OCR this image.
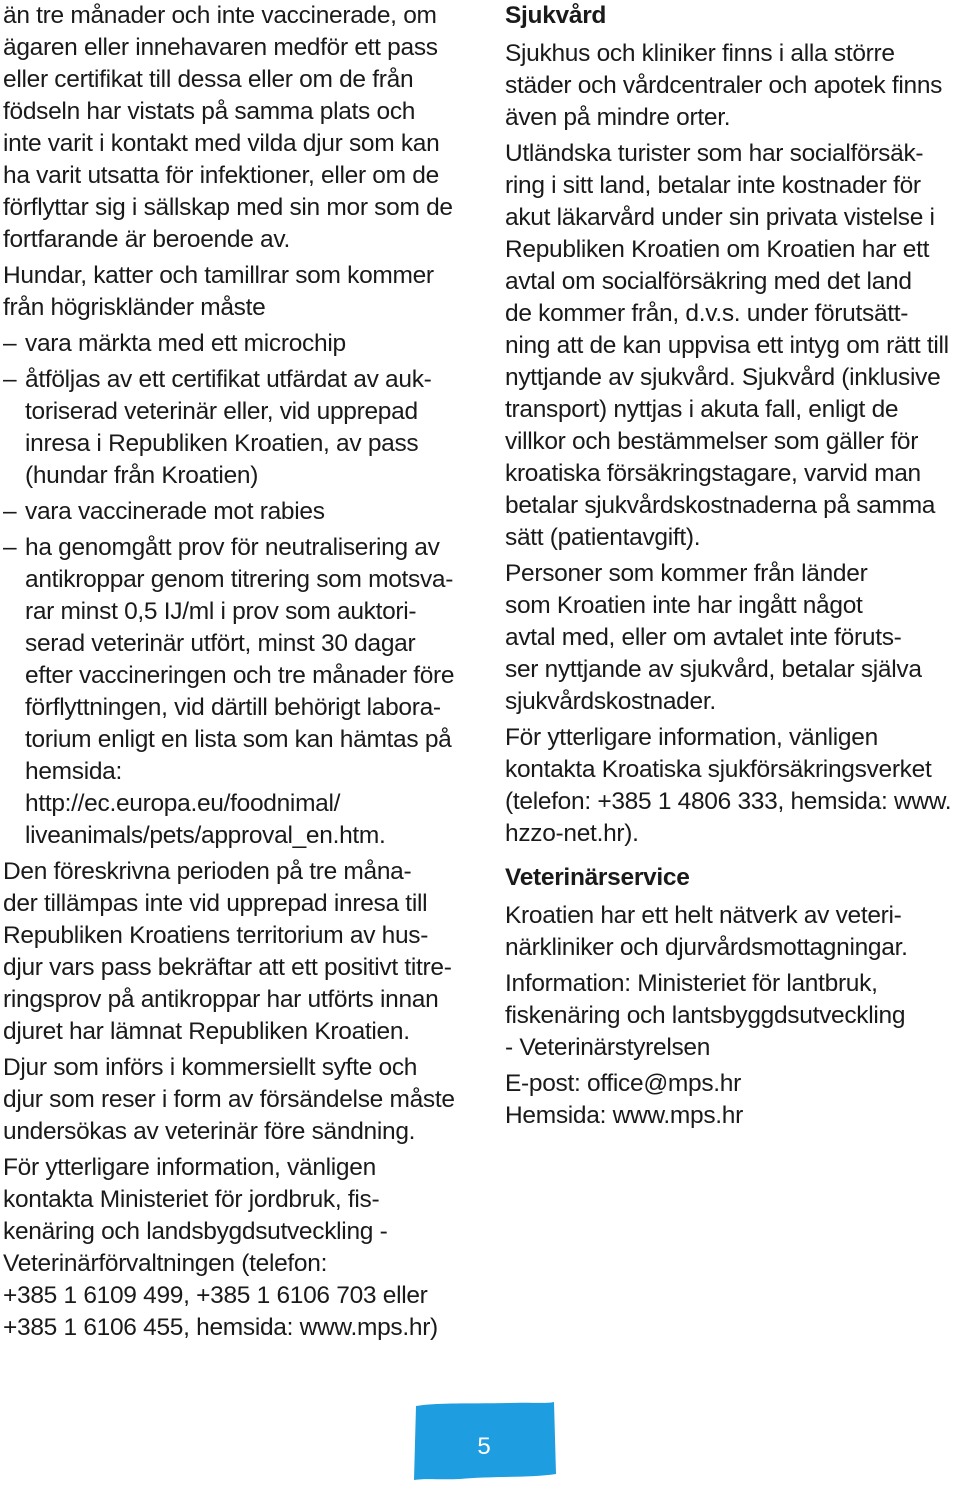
än tre månader och inte vaccinerade, om
ägaren eller innehavaren medför ett pass
eller certifikat till dessa eller om de från
födseln har vistats på samma plats och
inte varit i kontakt med vilda djur som kan
ha varit utsatta för infektioner, eller om de
förflyttar sig i sällskap med sin mor som de
fortfarande är beroende av.
Hundar, katter och tamillrar som kommer
från högriskländer måste
– vara märkta med ett microchip
– åtföljas av ett certifikat utfärdat av auk-
toriserad veterinär eller, vid upprepad
inresa i Republiken Kroatien, av pass
(hundar från Kroatien)
– vara vaccinerade mot rabies
– ha genomgått prov för neutralisering av
antikroppar genom titrering som motsva-
rar minst 0,5 IJ/ml i prov som auktori-
serad veterinär utfört, minst 30 dagar
efter vaccineringen och tre månader före
förflyttningen, vid därtill behörigt labora-
torium enligt en lista som kan hämtas på
hemsida:
http://ec.europa.eu/foodnimal/
liveanimals/pets/approval_en.htm.
Den föreskrivna perioden på tre måna-
der tillämpas inte vid upprepad inresa till
Republiken Kroatiens territorium av hus-
djur vars pass bekräftar att ett positivt titre-
ringsprov på antikroppar har utförts innan
djuret har lämnat Republiken Kroatien.
Djur som införs i kommersiellt syfte och
djur som reser i form av försändelse måste
undersökas av veterinär före sändning.
För ytterligare information, vänligen
kontakta Ministeriet för jordbruk, fis-
kenäring och landsbygdsutveckling -
Veterinärförvaltningen (telefon:
+385 1 6109 499, +385 1 6106 703 eller
+385 1 6106 455, hemsida: www.mps.hr)
Sjukvård
Sjukhus och kliniker finns i alla större
städer och vårdcentraler och apotek finns
även på mindre orter.
Utländska turister som har socialförsäk-
ring i sitt land, betalar inte kostnader för
akut läkarvård under sin privata vistelse i
Republiken Kroatien om Kroatien har ett
avtal om socialförsäkring med det land
de kommer från, d.v.s. under förutsätt-
ning att de kan uppvisa ett intyg om rätt till
nyttjande av sjukvård. Sjukvård (inklusive
transport) nyttjas i akuta fall, enligt de
villkor och bestämmelser som gäller för
kroatiska försäkringstagare, varvid man
betalar sjukvårdskostnaderna på samma
sätt (patientavgift).
Personer som kommer från länder
som Kroatien inte har ingått något
avtal med, eller om avtalet inte föruts-
ser nyttjande av sjukvård, betalar själva
sjukvårdskostnader.
För ytterligare information, vänligen
kontakta Kroatiska sjukförsäkringsverket
(telefon: +385 1 4806 333, hemsida: www.
hzzo-net.hr).
Veterinärservice
Kroatien har ett helt nätverk av veteri-
närkliniker och djurvårdsmottagningar.
Information: Ministeriet för lantbruk,
fiskenäring och lantsbyggdsutveckling
- Veterinärstyrelsen
E-post: office@mps.hr
Hemsida: www.mps.hr
5
